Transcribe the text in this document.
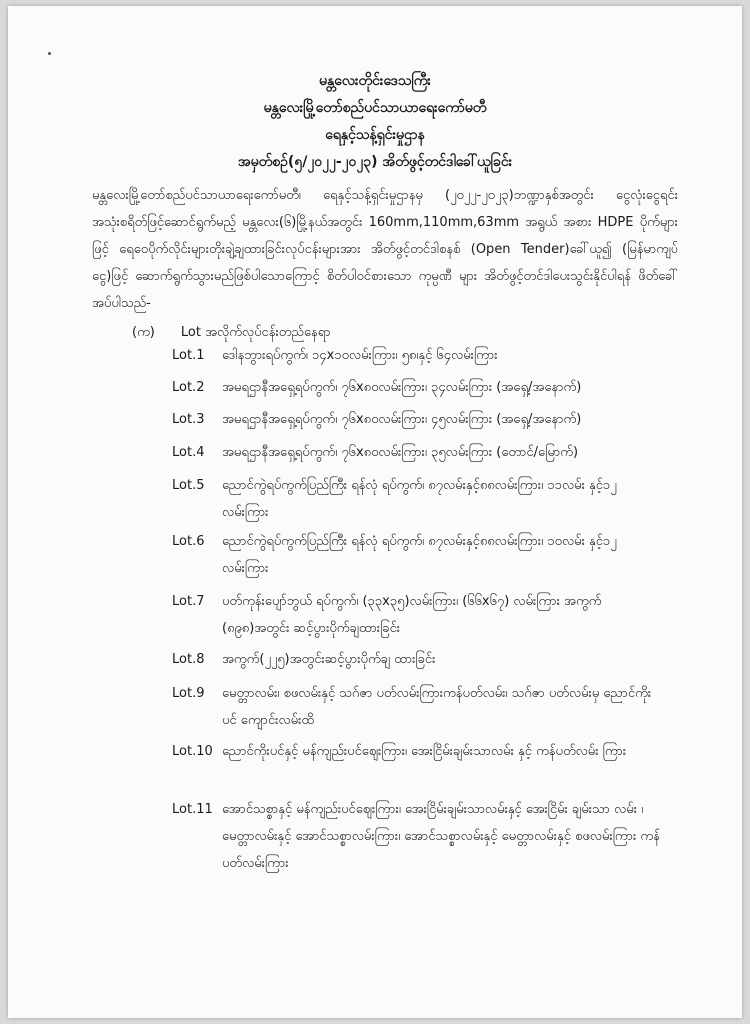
မန္တလေးတိုင်းဒေသကြီး
မန္တလေးမြို့တော်စည်ပင်သာယာရေးကော်မတီ
ရေနှင့်သန့်ရှင်းမှုဌာန
အမှတ်စဉ်(၅/၂၀၂၂-၂၀၂၃) အိတ်ဖွင့်တင်ဒါခေါ်ယူခြင်း
မန္တလေးမြို့တော်စည်ပင်သာယာရေးကော်မတီ၊ ရေနှင့်သန့်ရှင်းမှုဌာနမှ (၂၀၂၂-၂၀၂၃)ဘဏ္ဍာနှစ်အတွင်း ငွေလုံးငွေရင်းအသုံးစရိတ်ဖြင့်ဆောင်ရွက်မည့် မန္တလေး(၆)မြို့နယ်အတွင်း 160mm,110mm,63mm အရွယ် အစား HDPE ပိုက်များဖြင့် ရေဝေပိုက်လိုင်းများတိုးချဲ့ချထားခြင်းလုပ်ငန်းများအား အိတ်ဖွင့်တင်ဒါစနစ် (Open Tender)ခေါ်ယူ၍ (မြန်မာကျပ်ငွေ)ဖြင့် ဆောက်ရွက်သွားမည်ဖြစ်ပါသောကြောင့် စိတ်ပါဝင်စားသော ကုမ္ပဏီ များ အိတ်ဖွင့်တင်ဒါပေးသွင်းနိုင်ပါရန် ဖိတ်ခေါ်အပ်ပါသည်-
(က) Lot အလိုက်လုပ်ငန်းတည်နေရာ
Lot.1	ဒေါနဘွားရပ်ကွက်၊ ၁၄x၁၀လမ်းကြား၊ ၅၈၊နှင့် ၆၄လမ်းကြား
Lot.2	အမရဌာနီအရှေ့ရပ်ကွက်၊ ၇၆x၈၀လမ်းကြား၊ ၃၄လမ်းကြား (အရှေ့/အနောက်)
Lot.3	အမရဌာနီအရှေ့ရပ်ကွက်၊ ၇၆x၈၀လမ်းကြား၊ ၄၅လမ်းကြား (အရှေ့/အနောက်)
Lot.4	အမရဌာနီအရှေ့ရပ်ကွက်၊ ၇၆x၈၀လမ်းကြား၊ ၃၅လမ်းကြား (တောင်/မြောက်)
Lot.5	ညောင်ကွဲရပ်ကွက်ပြည်ကြီး ရန်လုံ ရပ်ကွက်၊ ၈၇လမ်းနှင့်၈၈လမ်းကြား၊ ၁၁လမ်း နှင့်၁၂ လမ်းကြား
Lot.6	ညောင်ကွဲရပ်ကွက်ပြည်ကြီး ရန်လုံ ရပ်ကွက်၊ ၈၇လမ်းနှင့်၈၈လမ်းကြား၊ ၁၀လမ်း နှင့်၁၂ လမ်းကြား
Lot.7	ပတ်ကုန်းပျော်ဘွယ် ရပ်ကွက်၊ (၃၃x၃၅)လမ်းကြား၊ (၆၆x၆၇) လမ်းကြား အကွက် (၈၉၈)အတွင်း ဆင့်ပွားပိုက်ချထားခြင်း
Lot.8	အကွက်(၂၂၅)အတွင်းဆင့်ပွားပိုက်ချ ထားခြင်း
Lot.9	မေတ္တာလမ်း၊ စဖလမ်းနှင့် သဂ်ဇာ ပတ်လမ်းကြားကန်ပတ်လမ်း၊ သဂ်ဇာ ပတ်လမ်းမှ ညောင်ကိုးပင် ကျောင်းလမ်းထိ
Lot.10 ညောင်ကိုးပင်နှင့် မန်ကျည်းပင်ဈေးကြား၊ အေးငြိမ်းချမ်းသာလမ်း နှင့် ကန်ပတ်လမ်း ကြား
Lot.11 အောင်သစ္စာနှင့် မန်ကျည်းပင်ဈေးကြား၊ အေးငြိမ်းချမ်းသာလမ်းနှင့် အေးငြိမ်း ချမ်းသာ လမ်း ၊ မေတ္တာလမ်းနှင့် အောင်သစ္စာလမ်းကြား၊ အောင်သစ္စာလမ်းနှင့် မေတ္တာလမ်းနှင့် စဖလမ်းကြား ကန်ပတ်လမ်းကြား
